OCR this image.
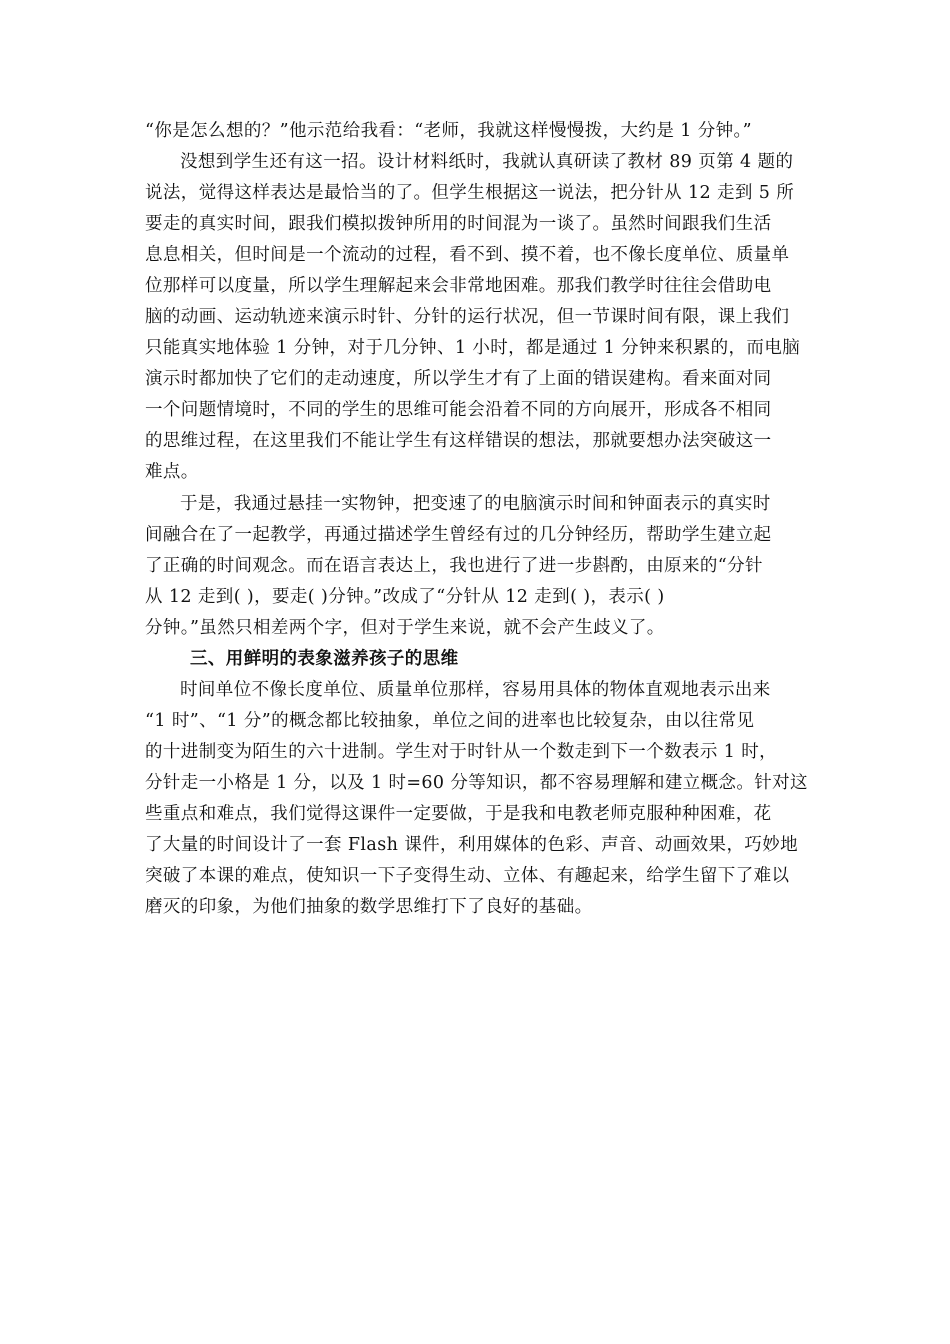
“你是怎么想的？”他示范给我看：“老师，我就这样慢慢拨，大约是 1 分钟。”
没想到学生还有这一招。设计材料纸时，我就认真研读了教材 89 页第 4 题的
说法，觉得这样表达是最恰当的了。但学生根据这一说法，把分针从 12 走到 5 所
要走的真实时间，跟我们模拟拨钟所用的时间混为一谈了。虽然时间跟我们生活
息息相关，但时间是一个流动的过程，看不到、摸不着，也不像长度单位、质量单
位那样可以度量，所以学生理解起来会非常地困难。那我们教学时往往会借助电
脑的动画、运动轨迹来演示时针、分针的运行状况，但一节课时间有限，课上我们
只能真实地体验 1 分钟，对于几分钟、1 小时，都是通过 1 分钟来积累的，而电脑
演示时都加快了它们的走动速度，所以学生才有了上面的错误建构。看来面对同
一个问题情境时，不同的学生的思维可能会沿着不同的方向展开，形成各不相同
的思维过程，在这里我们不能让学生有这样错误的想法，那就要想办法突破这一
难点。
于是，我通过悬挂一实物钟，把变速了的电脑演示时间和钟面表示的真实时
间融合在了一起教学，再通过描述学生曾经有过的几分钟经历，帮助学生建立起
了正确的时间观念。而在语言表达上，我也进行了进一步斟酌，由原来的“分针
从 12 走到( )，要走( )分钟。”改成了“分针从 12 走到( )，表示( )
分钟。”虽然只相差两个字，但对于学生来说，就不会产生歧义了。
三、用鲜明的表象滋养孩子的思维
时间单位不像长度单位、质量单位那样，容易用具体的物体直观地表示出来
“1 时”、“1 分”的概念都比较抽象，单位之间的进率也比较复杂，由以往常见
的十进制变为陌生的六十进制。学生对于时针从一个数走到下一个数表示 1 时，
分针走一小格是 1 分，以及 1 时=60 分等知识，都不容易理解和建立概念。针对这
些重点和难点，我们觉得这课件一定要做，于是我和电教老师克服种种困难，花
了大量的时间设计了一套 Flash 课件，利用媒体的色彩、声音、动画效果，巧妙地
突破了本课的难点，使知识一下子变得生动、立体、有趣起来，给学生留下了难以
磨灭的印象，为他们抽象的数学思维打下了良好的基础。
